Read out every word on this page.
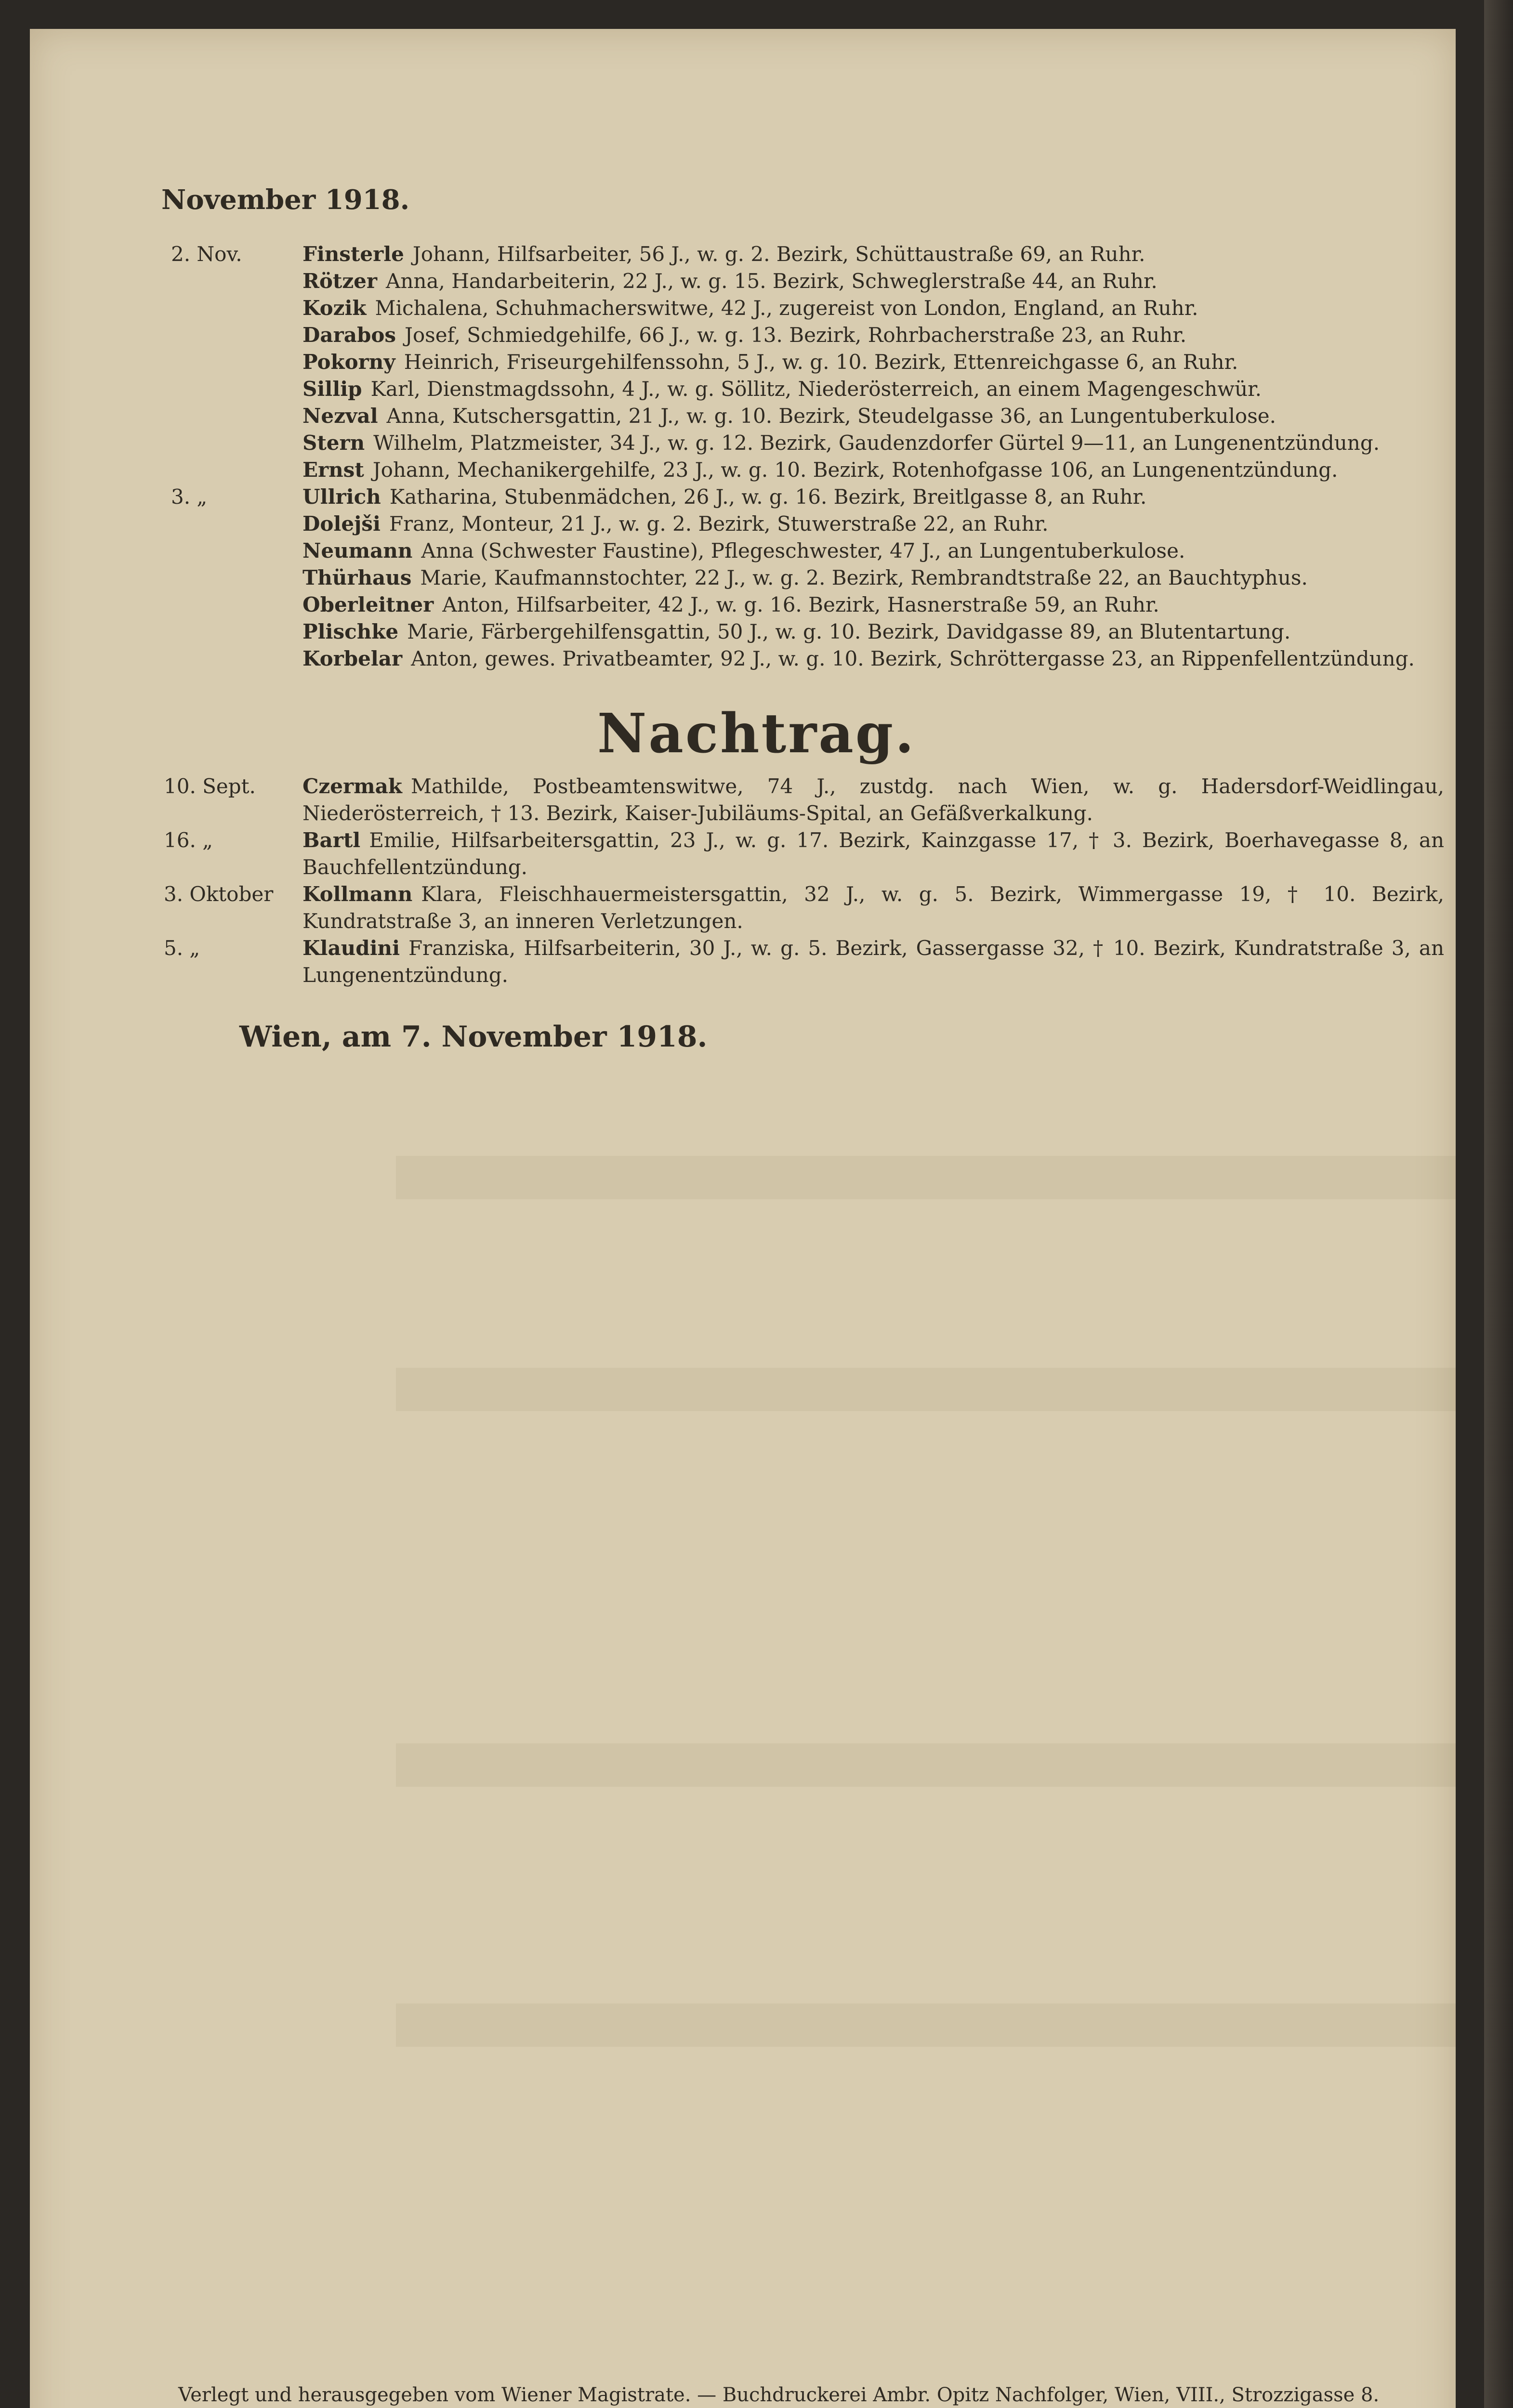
November 1918.
2. Nov.	Finsterle Johann, Hilfsarbeiter, 56 J., w. g. 2. Bezirk, Schüttaustraße 69, an Ruhr.
Rötzer Anna, Handarbeiterin, 22 J., w. g. 15. Bezirk, Schweglerstraße 44, an Ruhr.
Kozik Michalena, Schuhmacherswitwe, 42 J., zugereist von London, England, an Ruhr.
Darabos Josef, Schmiedgehilfe, 66 J., w. g. 13. Bezirk, Rohrbacherstraße 23, an Ruhr.
Pokorny Heinrich, Friseurgehilfenssohn, 5 J., w. g. 10. Bezirk, Ettenreichgasse 6, an Ruhr.
Sillip Karl, Dienstmagdssohn, 4 J., w. g. Söllitz, Niederösterreich, an einem Magengeschwür.
Nezval Anna, Kutschersgattin, 21 J., w. g. 10. Bezirk, Steudelgasse 36, an Lungentuberkulose.
Stern Wilhelm, Platzmeister, 34 J., w. g. 12. Bezirk, Gaudenzdorfer Gürtel 9—11, an Lungenentzündung.
Ernst Johann, Mechanikergehilfe, 23 J., w. g. 10. Bezirk, Rotenhofgasse 106, an Lungenentzündung.
3. „	Ullrich Katharina, Stubenmädchen, 26 J., w. g. 16. Bezirk, Breitlgasse 8, an Ruhr.
Dolejši Franz, Monteur, 21 J., w. g. 2. Bezirk, Stuwerstraße 22, an Ruhr.
Neumann Anna (Schwester Faustine), Pflegeschwester, 47 J., an Lungentuberkulose.
Thürhaus Marie, Kaufmannstochter, 22 J., w. g. 2. Bezirk, Rembrandtstraße 22, an Bauchtyphus.
Oberleitner Anton, Hilfsarbeiter, 42 J., w. g. 16. Bezirk, Hasnerstraße 59, an Ruhr.
Plischke Marie, Färbergehilfensgattin, 50 J., w. g. 10. Bezirk, Davidgasse 89, an Blutentartung.
Korbelar Anton, gewes. Privatbeamter, 92 J., w. g. 10. Bezirk, Schröttergasse 23, an Rippenfellentzündung.
Nachtrag.
10. Sept.	Czermak Mathilde, Postbeamtenswitwe, 74 J., zustdg. nach Wien, w. g. Hadersdorf-Weidlingau, Niederösterreich, † 13. Bezirk, Kaiser-Jubiläums-Spital, an Gefäßverkalkung.
16. „	Bartl Emilie, Hilfsarbeitersgattin, 23 J., w. g. 17. Bezirk, Kainzgasse 17, † 3. Bezirk, Boerhavegasse 8, an Bauchfellentzündung.
3. Oktober	Kollmann Klara, Fleischhauermeistersgattin, 32 J., w. g. 5. Bezirk, Wimmergasse 19, † 10. Bezirk, Kundratstraße 3, an inneren Verletzungen.
5. „	Klaudini Franziska, Hilfsarbeiterin, 30 J., w. g. 5. Bezirk, Gassergasse 32, † 10. Bezirk, Kundratstraße 3, an Lungenentzündung.
Wien, am 7. November 1918.
Verlegt und herausgegeben vom Wiener Magistrate. — Buchdruckerei Ambr. Opitz Nachfolger, Wien, VIII., Strozzigasse 8.
